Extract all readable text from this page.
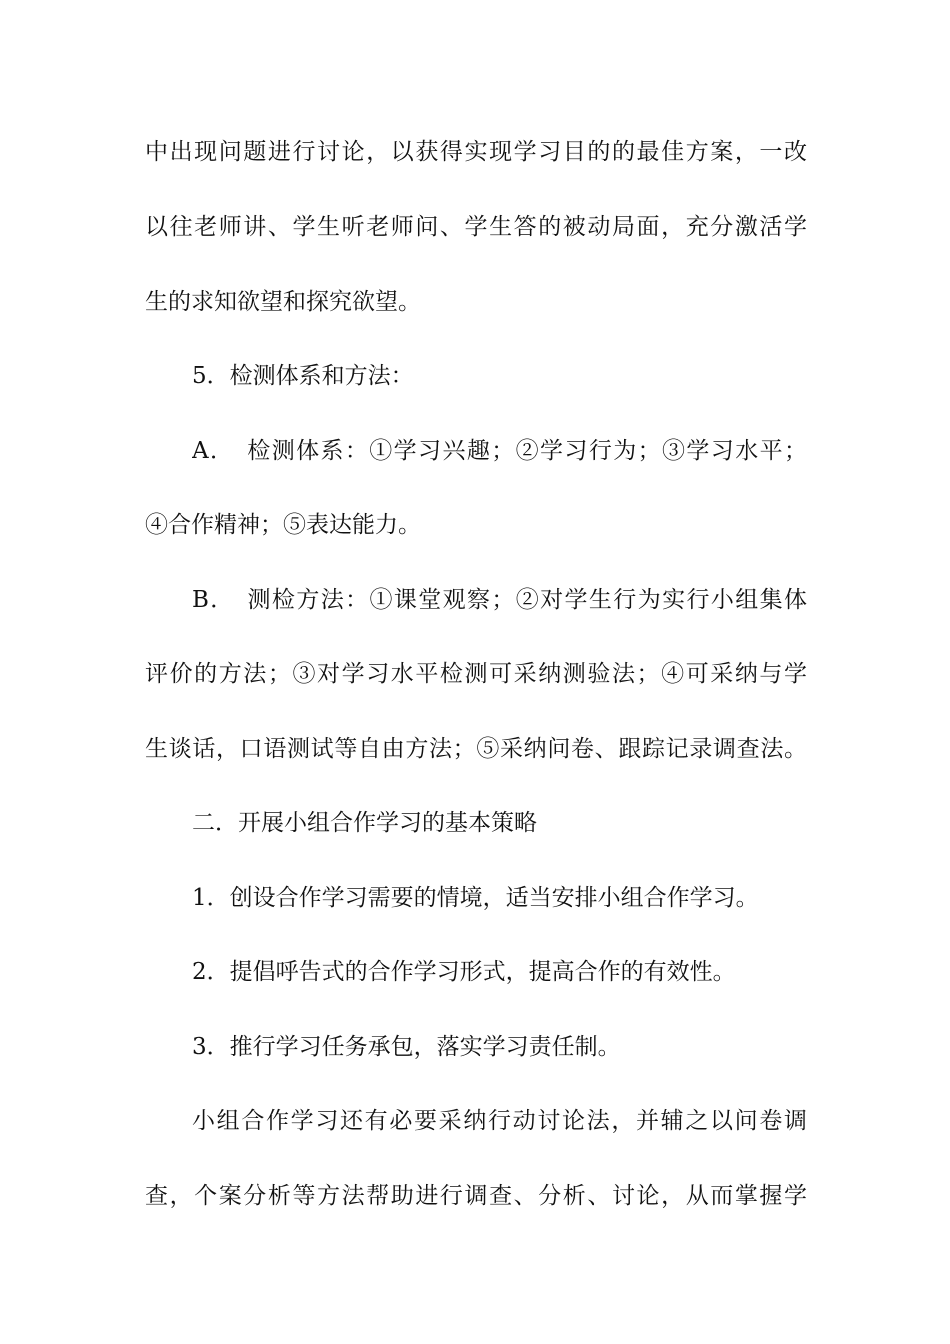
中出现问题进行讨论，以获得实现学习目的的最佳方案，一改
以往老师讲、学生听老师问、学生答的被动局面，充分激活学
生的求知欲望和探究欲望。
5．检测体系和方法：
A．　检测体系：①学习兴趣；②学习行为；③学习水平；
④合作精神；⑤表达能力。
B．　测检方法：①课堂观察；②对学生行为实行小组集体
评价的方法；③对学习水平检测可采纳测验法；④可采纳与学
生谈话，口语测试等自由方法；⑤采纳问卷、跟踪记录调查法。
二．开展小组合作学习的基本策略
1．创设合作学习需要的情境，适当安排小组合作学习。
2．提倡呼告式的合作学习形式，提高合作的有效性。
3．推行学习任务承包，落实学习责任制。
小组合作学习还有必要采纳行动讨论法，并辅之以问卷调
查，个案分析等方法帮助进行调查、分析、讨论，从而掌握学
